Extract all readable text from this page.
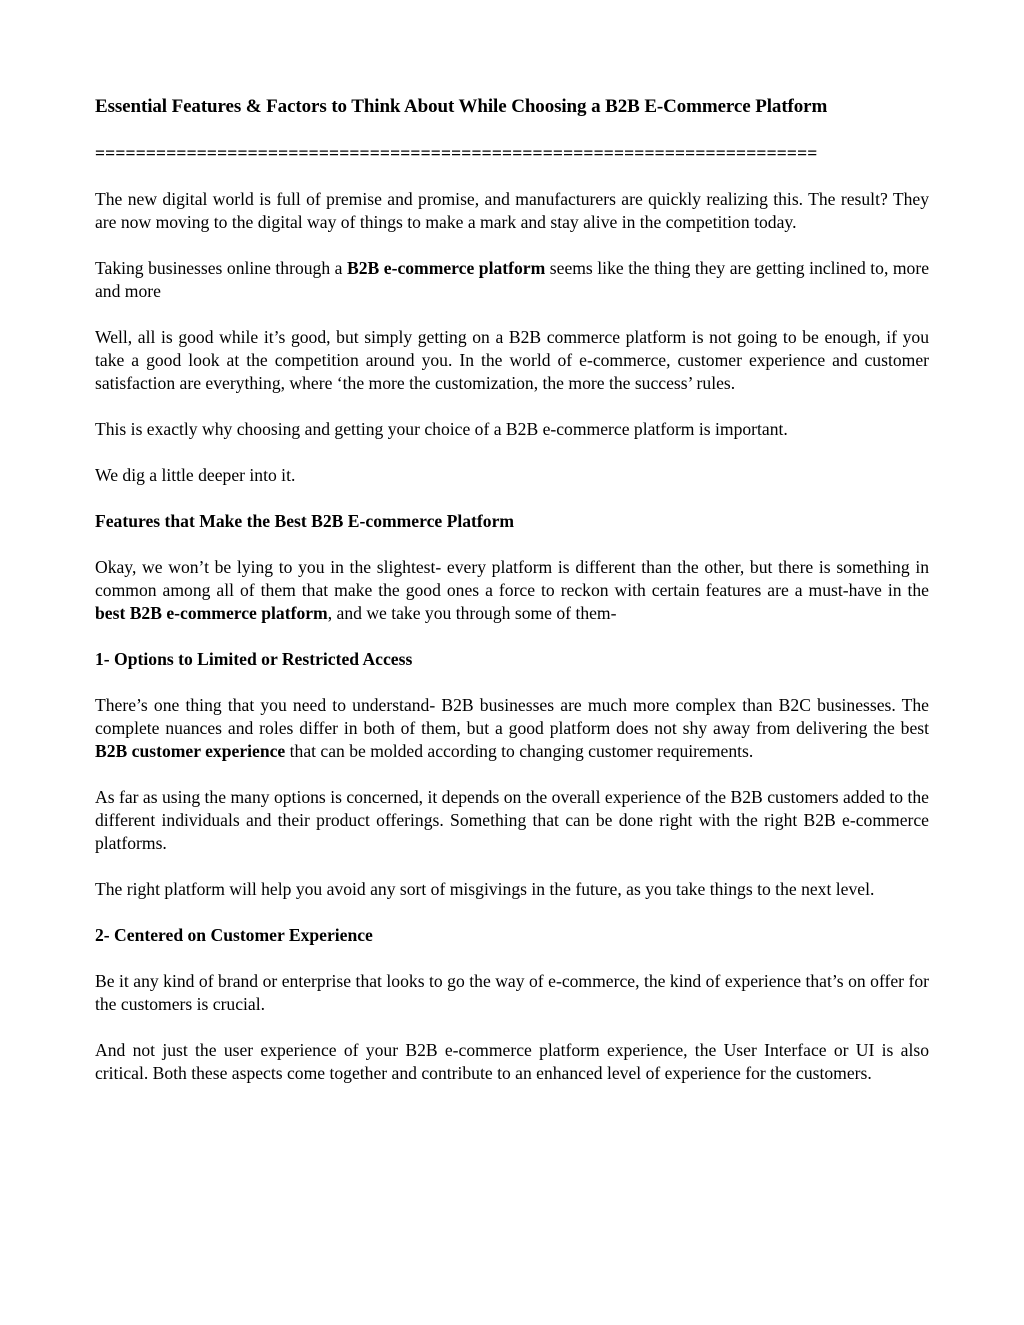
Essential Features & Factors to Think About While Choosing a B2B E-Commerce Platform
=======================================================================

The new digital world is full of premise and promise, and manufacturers are quickly realizing this. The result? They are now moving to the digital way of things to make a mark and stay alive in the competition today.

Taking businesses online through a B2B e-commerce platform seems like the thing they are getting inclined to, more and more

Well, all is good while it’s good, but simply getting on a B2B commerce platform is not going to be enough, if you take a good look at the competition around you. In the world of e-commerce, customer experience and customer satisfaction are everything, where ‘the more the customization, the more the success’ rules.

This is exactly why choosing and getting your choice of a B2B e-commerce platform is important.

We dig a little deeper into it.

Features that Make the Best B2B E-commerce Platform

Okay, we won’t be lying to you in the slightest- every platform is different than the other, but there is something in common among all of them that make the good ones a force to reckon with certain features are a must-have in the best B2B e-commerce platform, and we take you through some of them-

1- Options to Limited or Restricted Access

There’s one thing that you need to understand- B2B businesses are much more complex than B2C businesses. The complete nuances and roles differ in both of them, but a good platform does not shy away from delivering the best B2B customer experience that can be molded according to changing customer requirements.

As far as using the many options is concerned, it depends on the overall experience of the B2B customers added to the different individuals and their product offerings. Something that can be done right with the right B2B e-commerce platforms.

The right platform will help you avoid any sort of misgivings in the future, as you take things to the next level.

2- Centered on Customer Experience

Be it any kind of brand or enterprise that looks to go the way of e-commerce, the kind of experience that’s on offer for the customers is crucial.

And not just the user experience of your B2B e-commerce platform experience, the User Interface or UI is also critical. Both these aspects come together and contribute to an enhanced level of experience for the customers.
